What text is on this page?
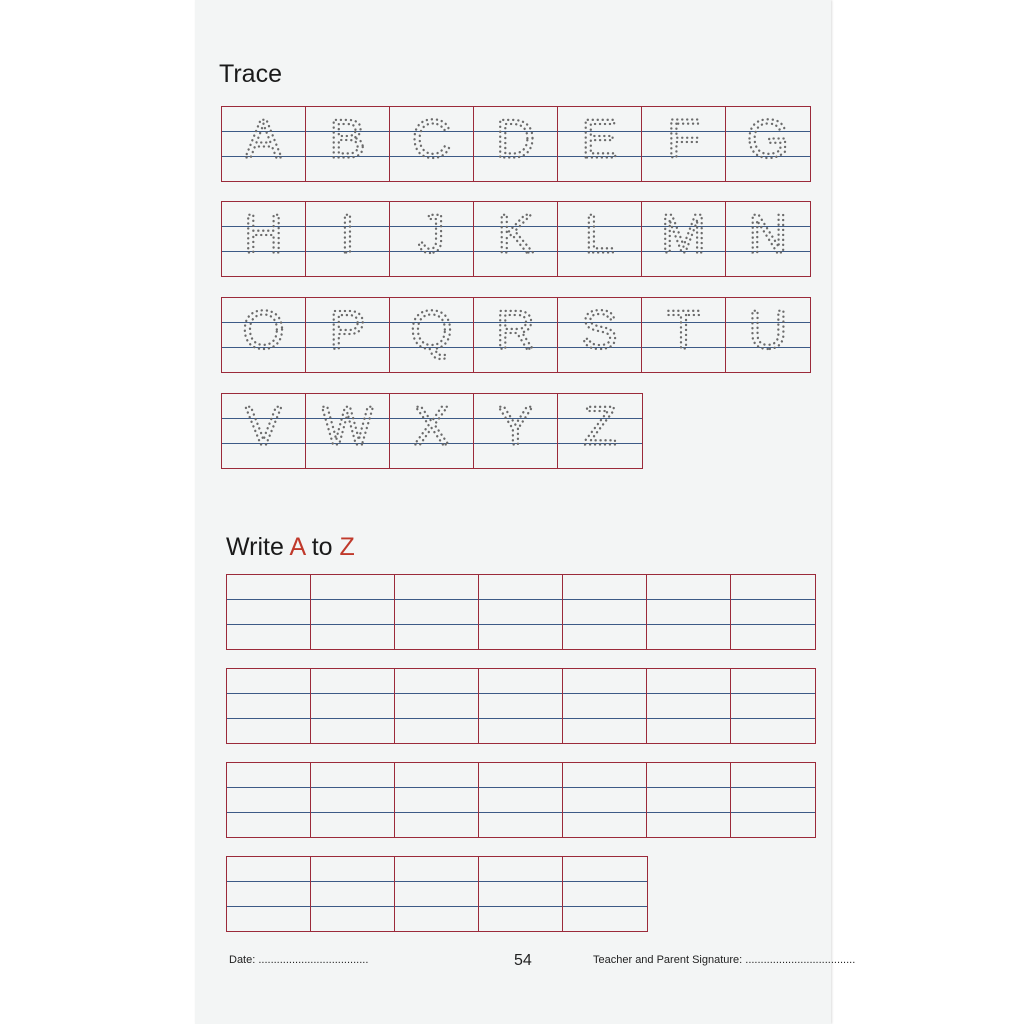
Trace
Write A to Z
A B C D E F G
H I J K L M N
O P Q R S T U
V W X Y Z
Date: ....................................	Teacher and Parent Signature: ....................................
54
